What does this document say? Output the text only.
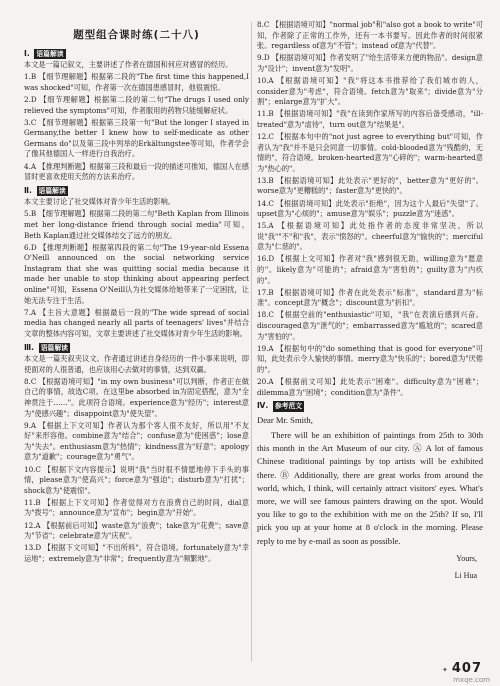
题型组合课时练(二十八)
Ⅰ. 语篇解读
本文是一篇记叙文，主要讲述了作者在德国和何应对感冒的经历。
1.B 【细节理解题】根据第二段的"The first time this happened,I was shocked"可知，作者第一次在德国患感冒时，他很震惊。
2.D 【细节理解题】根据第二段的第二句"The drugs I used only relieved the symptoms"可知，作者服用的药物只能缓解症状。
3.C 【细节理解题】根据第三段第一句"But the longer I stayed in Germany,the better I knew how to self-medicate as other Germans do"以及第三段中列举的Erkältungstee等可知，作者学会了像其他德国人一样进行自我治疗。
4.A 【推理判断题】根据第三段和最后一段的描述可推知，德国人在感冒时更喜欢使用天然的方法来治疗。
Ⅱ. 语篇解读
本文主要讨论了社交媒体对青少年生活的影响。
5.B 【细节理解题】根据第二段的第二句"Beth Kaplan from Illinois met her long-distance friend through social media"可知，Beth Kaplan通过社交媒体结交了远方的朋友。
6.D 【推理判断题】根据第四段的第二句"The 19-year-old Essena O'Neill announced on the social networking service Instagram that she was quitting social media because it made her unable to stop thinking about appearing perfect online"可知，Essena O'Neill认为社交媒体给她带来了一定困扰，让她无法专注于生活。
7.A 【主旨大意题】根据最后一段的"The wide spread of social media has changed nearly all parts of teenagers' lives"并结合文章的整体内容可知，文章主要讲述了社交媒体对青少年生活的影响。
Ⅲ. 语篇解读
本文是一篇夹叙夹议文。作者通过讲述自身经历的一件小事来说明，即使面对的人很普通，也应该用心去做对的事情，达到双赢。
8.C 【根据语境可知】"in my own business"可以判断，作者正在做自己的事情，故选C项。在这里be absorbed in为固定搭配，意为"全神贯注于……"。此项符合语境。experience意为"经历"；interest意为"使感兴趣"；disappoint意为"使失望"。
9.A 【根据上下文可知】作者认为那个客人很不友好，所以用"不友好"来形容他。combine意为"结合"；confuse意为"使困惑"；lose意为"失去"。enthusiasm意为"热情"；kindness意为"好意"；apology意为"道歉"；courage意为"勇气"。
10.C 【根据下文内容提示】说明"我"当时很不情愿地停下手头的事情，please意为"使高兴"；force意为"强迫"；disturb意为"打扰"；shock意为"使震惊"。
11.B 【根据上下文可知】作者觉得对方在浪费自己的时间，dial意为"拨号"；announce意为"宣布"；begin意为"开始"。
12.A 【根据前后可知】waste意为"浪费"；take意为"花费"；save意为"节省"；celebrate意为"庆祝"。
13.D 【根据下文可知】"不出所料"，符合语境。fortunately意为"幸运地"；extremely意为"非常"；frequently意为"频繁地"。
8.C 【根据语境可知】"normal job"和"also got a book to write"可知，作者除了正常的工作外，还有一本书要写。因此作者的时间很紧张。regardless of意为"不管"；instead of意为"代替"。
9.D 【根据语境可知】作者发明了"给生活带来方便的物品"。design意为"设计"；invent意为"发明"。
10.A 【根据语境可知】"我"将这本书推荐给了我们城市的人，consider意为"考虑"，符合语境。fetch意为"取来"；divide意为"分割"；enlarge意为"扩大"。
11.B 【根据语境可知】"我"在读到作家所写的内容后备受感动，"ill-treated"意为"虐待"，turn out意为"结果是"。
12.C 【根据本句中的"not just agree to everything but"可知，作者认为"我"并不是只会同意一切事情。cold-blooded意为"残酷的，无情的"，符合语境。broken-hearted意为"心碎的"；warm-hearted意为"热心的"。
13.B 【根据语境可知】此处表示"更好的"，better意为"更好的"。worse意为"更糟糕的"；faster意为"更快的"。
14.C 【根据语境可知】此处表示"拒绝"，因为这个人最后"失望"了。upset意为"心烦的"；amuse意为"娱乐"；puzzle意为"迷惑"。
15.A 【根据语境可知】此处指作者的态度非常坚决，所以说"我""不"和"我"，表示"愤怒的"。cheerful意为"愉快的"；merciful意为"仁慈的"。
16.D 【根据上文可知】作者对"我"感到很无助，willing意为"愿意的"。likely意为"可能的"；afraid意为"害怕的"；guilty意为"内疚的"。
17.B 【根据语境可知】作者在此处表示"标准"，standard意为"标准"。concept意为"概念"；discount意为"折扣"。
18.C 【根据空前的"enthusiastic"可知，"我"在表演后感到兴奋。discouraged意为"泄气的"；embarrassed意为"尴尬的"；scared意为"害怕的"。
19.A 【根据句中的"do something that is good for everyone"可知，此处表示令人愉快的事情。merry意为"快乐的"；bored意为"厌倦的"。
20.A 【根据前文可知】此处表示"困难"。difficulty意为"困难"；dilemma意为"困境"；condition意为"条件"。
Ⅳ. 参考范文
Dear Mr. Smith,
There will be an exhibition of paintings from 25th to 30th this month in the Art Museum of our city. Ⓐ A lot of famous Chinese traditional paintings by top artists will be exhibited there. Ⓑ Additionally, there are great works from around the world, which, I think, will certainly attract visitors' eyes. What's more, we will see famous painters drawing on the spot. Would you like to go to the exhibition with me on the 25th? If so, I'll pick you up at your home at 8 o'clock in the morning. Please reply to me by e-mail as soon as possible.
Yours,
Li Hua
✦ 407
mxqe.com
